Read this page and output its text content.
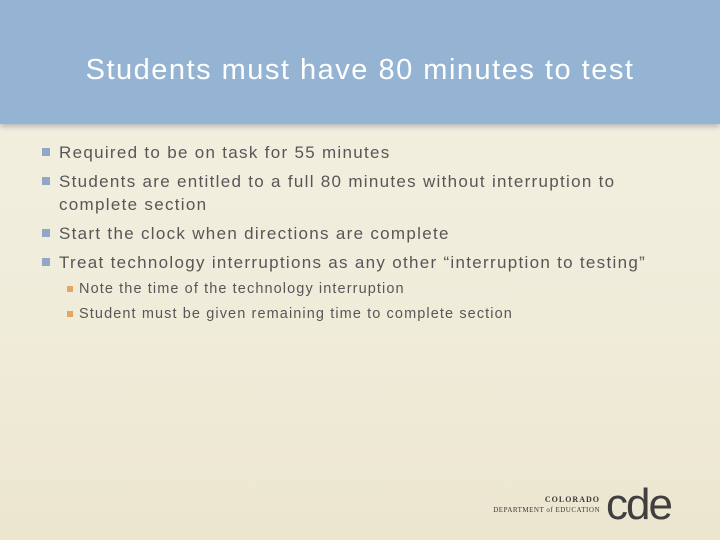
Students must have 80 minutes to test
Required to be on task for 55 minutes
Students are entitled to a full 80 minutes without interruption to complete section
Start the clock when directions are complete
Treat technology interruptions as any other “interruption to testing”
Note the time of the technology interruption
Student must be given remaining time to complete section
COLORADO
DEPARTMENT of EDUCATION cde
